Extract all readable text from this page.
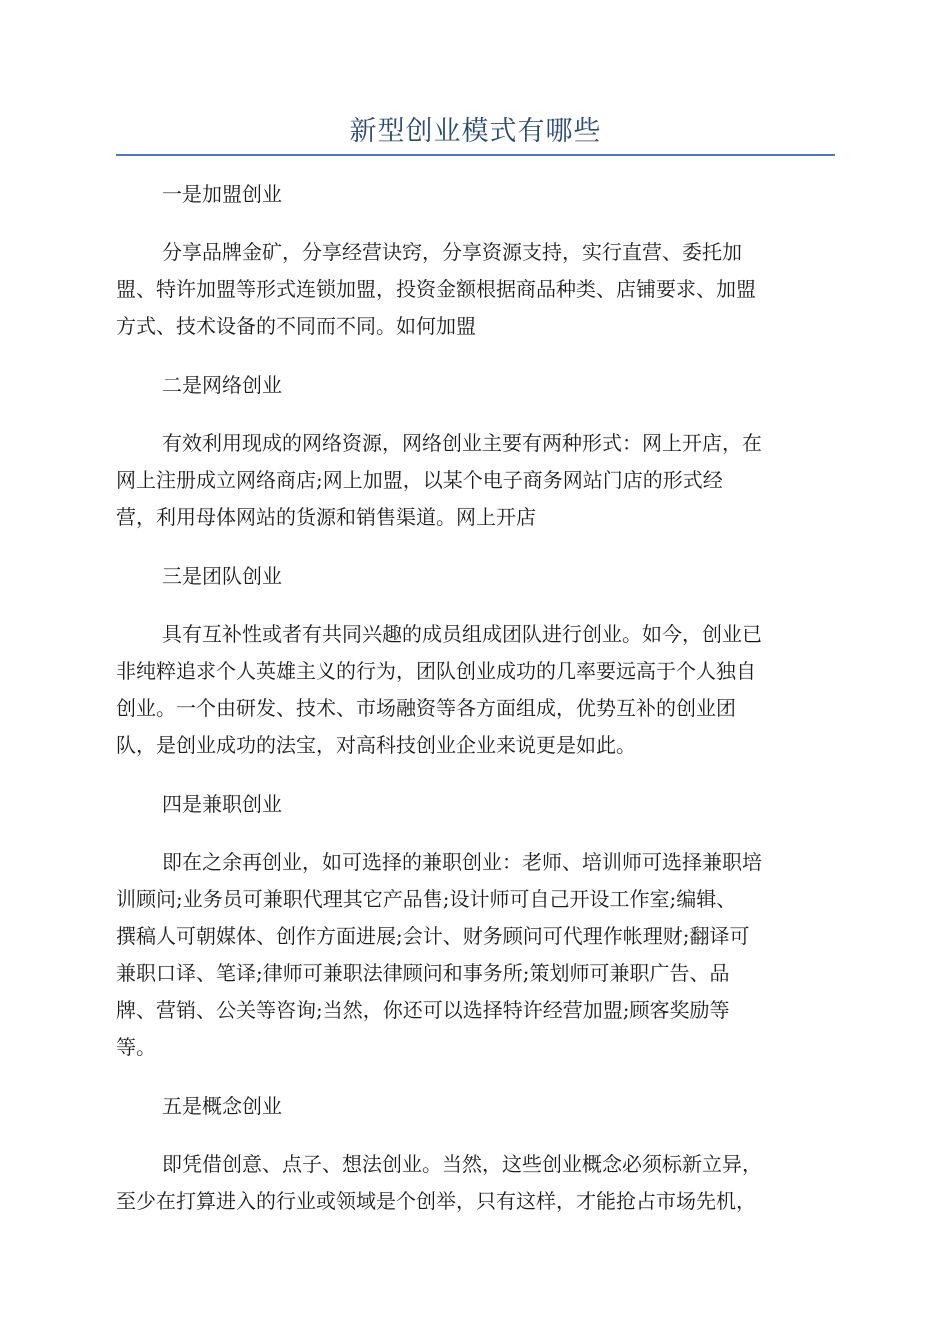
新型创业模式有哪些
一是加盟创业
分享品牌金矿，分享经营诀窍，分享资源支持，实行直营、委托加
盟、特许加盟等形式连锁加盟，投资金额根据商品种类、店铺要求、加盟
方式、技术设备的不同而不同。如何加盟
二是网络创业
有效利用现成的网络资源，网络创业主要有两种形式：网上开店，在
网上注册成立网络商店;网上加盟，以某个电子商务网站门店的形式经
营，利用母体网站的货源和销售渠道。网上开店
三是团队创业
具有互补性或者有共同兴趣的成员组成团队进行创业。如今，创业已
非纯粹追求个人英雄主义的行为，团队创业成功的几率要远高于个人独自
创业。一个由研发、技术、市场融资等各方面组成，优势互补的创业团
队，是创业成功的法宝，对高科技创业企业来说更是如此。
四是兼职创业
即在之余再创业，如可选择的兼职创业：老师、培训师可选择兼职培
训顾问;业务员可兼职代理其它产品售;设计师可自己开设工作室;编辑、
撰稿人可朝媒体、创作方面进展;会计、财务顾问可代理作帐理财;翻译可
兼职口译、笔译;律师可兼职法律顾问和事务所;策划师可兼职广告、品
牌、营销、公关等咨询;当然，你还可以选择特许经营加盟;顾客奖励等
等。
五是概念创业
即凭借创意、点子、想法创业。当然，这些创业概念必须标新立异，
至少在打算进入的行业或领域是个创举，只有这样，才能抢占市场先机，
